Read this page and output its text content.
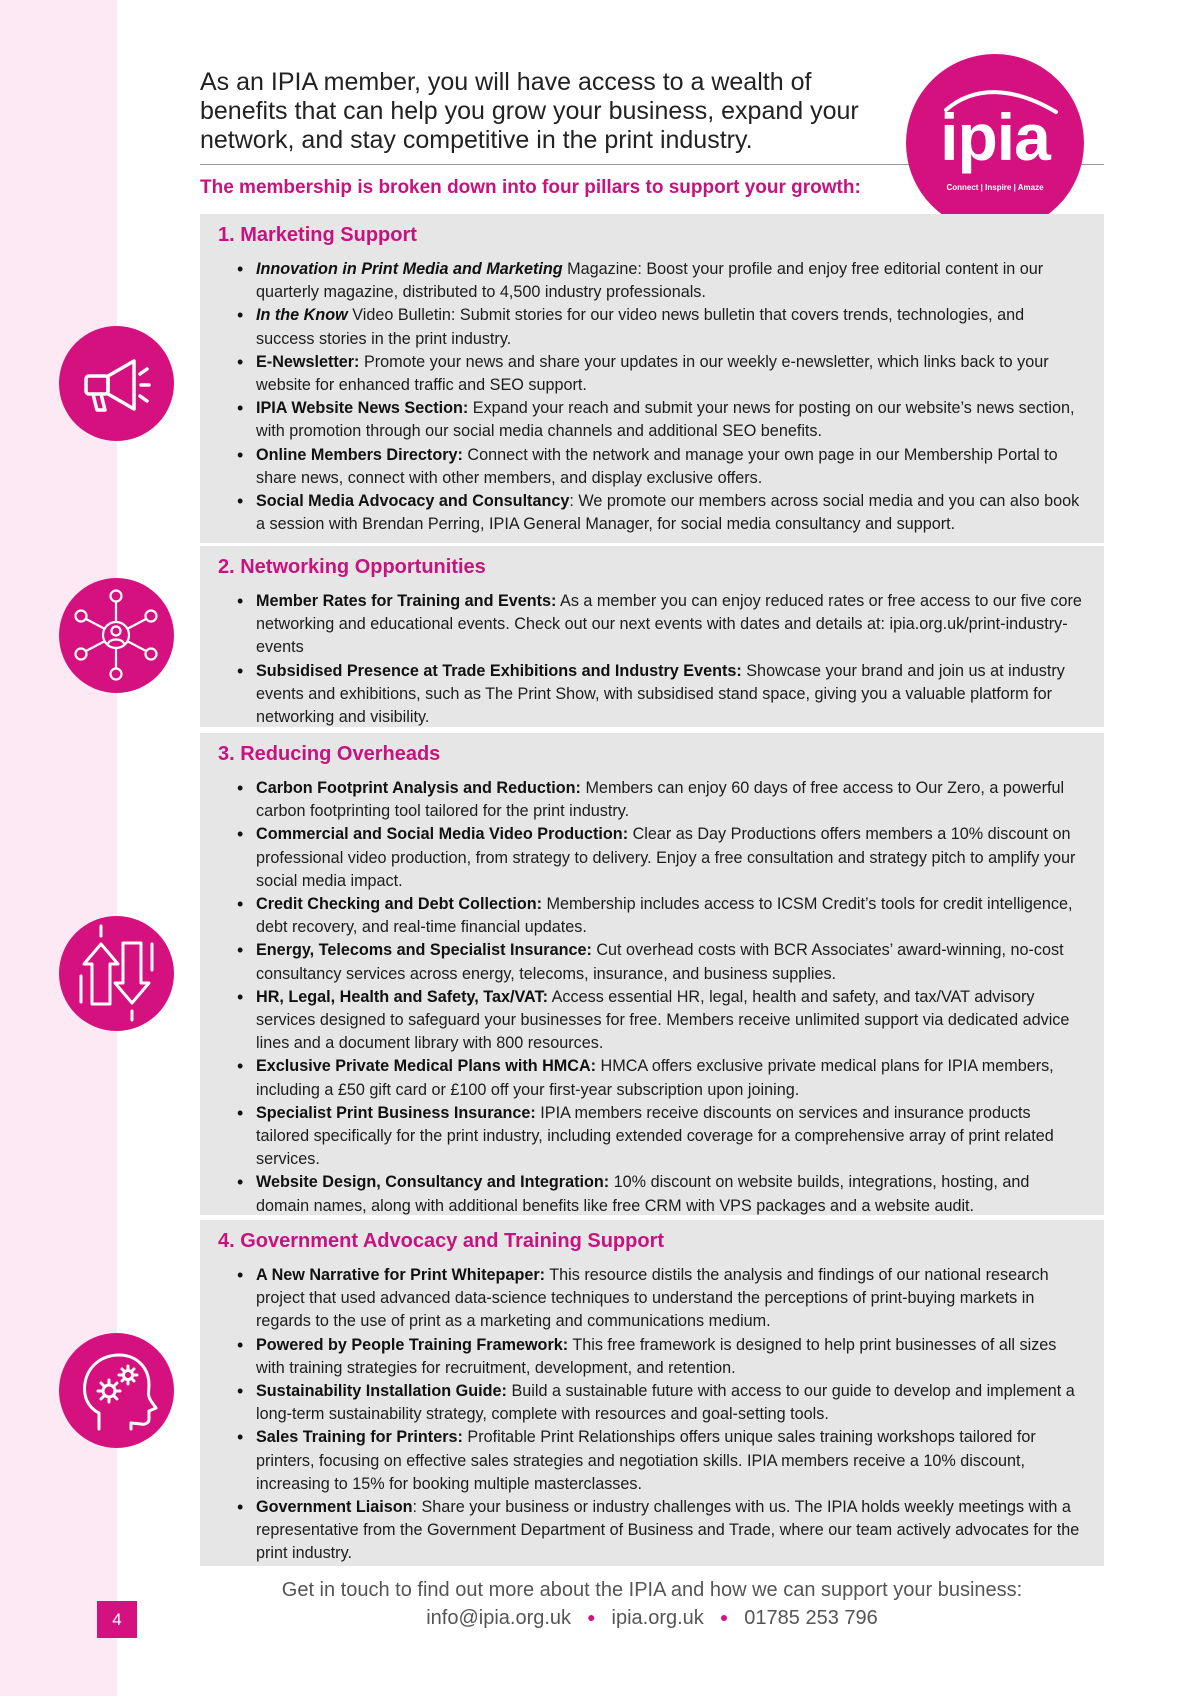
As an IPIA member, you will have access to a wealth of benefits that can help you grow your business, expand your network, and stay competitive in the print industry.

The membership is broken down into four pillars to support your growth:

ipia
Connect | Inspire | Amaze
1. Marketing Support
• Innovation in Print Media and Marketing Magazine: Boost your profile and enjoy free editorial content in our quarterly magazine, distributed to 4,500 industry professionals.
• In the Know Video Bulletin: Submit stories for our video news bulletin that covers trends, technologies, and success stories in the print industry.
• E-Newsletter: Promote your news and share your updates in our weekly e-newsletter, which links back to your website for enhanced traffic and SEO support.
• IPIA Website News Section: Expand your reach and submit your news for posting on our website’s news section, with promotion through our social media channels and additional SEO benefits.
• Online Members Directory: Connect with the network and manage your own page in our Membership Portal to share news, connect with other members, and display exclusive offers.
• Social Media Advocacy and Consultancy: We promote our members across social media and you can also book a session with Brendan Perring, IPIA General Manager, for social media consultancy and support.
2. Networking Opportunities
• Member Rates for Training and Events: As a member you can enjoy reduced rates or free access to our five core networking and educational events. Check out our next events with dates and details at: ipia.org.uk/print-industry-events
• Subsidised Presence at Trade Exhibitions and Industry Events: Showcase your brand and join us at industry events and exhibitions, such as The Print Show, with subsidised stand space, giving you a valuable platform for networking and visibility.
3. Reducing Overheads
• Carbon Footprint Analysis and Reduction: Members can enjoy 60 days of free access to Our Zero, a powerful carbon footprinting tool tailored for the print industry.
• Commercial and Social Media Video Production: Clear as Day Productions offers members a 10% discount on professional video production, from strategy to delivery. Enjoy a free consultation and strategy pitch to amplify your social media impact.
• Credit Checking and Debt Collection: Membership includes access to ICSM Credit’s tools for credit intelligence, debt recovery, and real-time financial updates.
• Energy, Telecoms and Specialist Insurance: Cut overhead costs with BCR Associates’ award-winning, no-cost consultancy services across energy, telecoms, insurance, and business supplies.
• HR, Legal, Health and Safety, Tax/VAT: Access essential HR, legal, health and safety, and tax/VAT advisory services designed to safeguard your businesses for free. Members receive unlimited support via dedicated advice lines and a document library with 800 resources.
• Exclusive Private Medical Plans with HMCA: HMCA offers exclusive private medical plans for IPIA members, including a £50 gift card or £100 off your first-year subscription upon joining.
• Specialist Print Business Insurance: IPIA members receive discounts on services and insurance products tailored specifically for the print industry, including extended coverage for a comprehensive array of print related services.
• Website Design, Consultancy and Integration: 10% discount on website builds, integrations, hosting, and domain names, along with additional benefits like free CRM with VPS packages and a website audit.
4. Government Advocacy and Training Support
• A New Narrative for Print Whitepaper: This resource distils the analysis and findings of our national research project that used advanced data-science techniques to understand the perceptions of print-buying markets in regards to the use of print as a marketing and communications medium.
• Powered by People Training Framework: This free framework is designed to help print businesses of all sizes with training strategies for recruitment, development, and retention.
• Sustainability Installation Guide: Build a sustainable future with access to our guide to develop and implement a long-term sustainability strategy, complete with resources and goal-setting tools.
• Sales Training for Printers: Profitable Print Relationships offers unique sales training workshops tailored for printers, focusing on effective sales strategies and negotiation skills. IPIA members receive a 10% discount, increasing to 15% for booking multiple masterclasses.
• Government Liaison: Share your business or industry challenges with us. The IPIA holds weekly meetings with a representative from the Government Department of Business and Trade, where our team actively advocates for the print industry.
Get in touch to find out more about the IPIA and how we can support your business:
info@ipia.org.uk ● ipia.org.uk ● 01785 253 796
4
